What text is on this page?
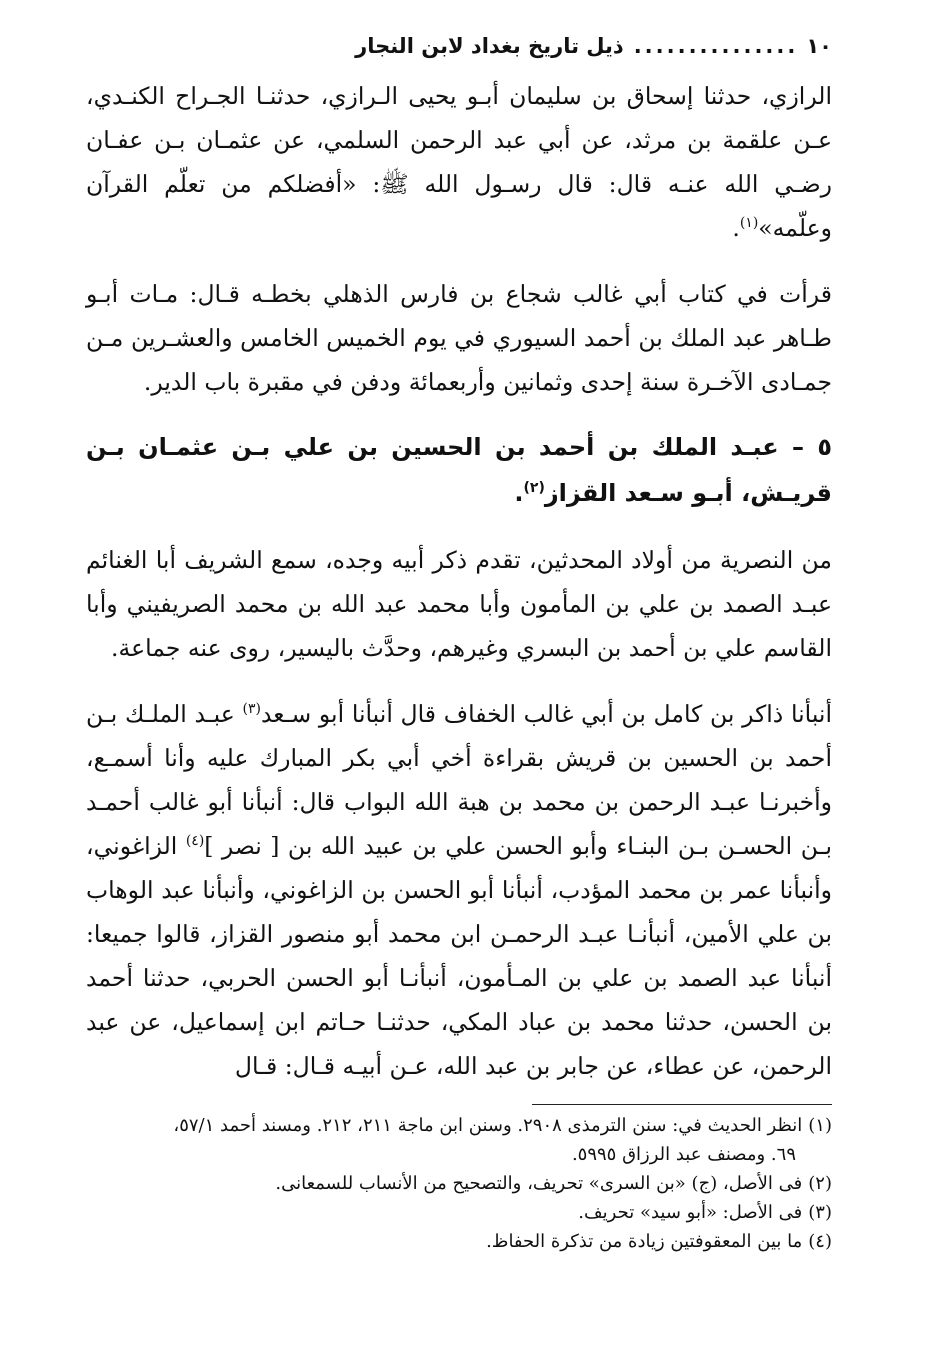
١٠
...............
ذيل تاريخ بغداد لابن النجار

الرازي، حدثنا إسحاق بن سليمان أبـو يحيى الـرازي، حدثنـا الجـراح الكنـدي، عـن علقمة بن مرثد، عن أبي عبد الرحمن السلمي، عن عثمـان بـن عفـان رضـي الله عنـه قال: قال رسـول الله ﷺ: «أفضلكم من تعلّم القرآن وعلّمه»$^{(١)}$.

قرأت في كتاب أبي غالب شجاع بن فارس الذهلي بخطـه قـال: مـات أبـو طـاهر عبد الملك بن أحمد السيوري في يوم الخميس الخامس والعشـرين مـن جمـادى الآخـرة سنة إحدى وثمانين وأربعمائة ودفن في مقبرة باب الدير.

٥ – عبـد الملك بن أحمد بن الحسين بن علي بـن عثمـان بـن قريـش، أبـو سـعد القزاز$^{(٢)}$.

من النصرية من أولاد المحدثين، تقدم ذكر أبيه وجده، سمع الشريف أبا الغنائم عبـد الصمد بن علي بن المأمون وأبا محمد عبد الله بن محمد الصريفيني وأبا القاسم علي بن أحمد بن البسري وغيرهم، وحدَّث باليسير، روى عنه جماعة.

أنبأنا ذاكر بن كامل بن أبي غالب الخفاف قال أنبأنا أبو سـعد$^{(٣)}$ عبـد الملـك بـن أحمد بن الحسين بن قريش بقراءة أخي أبي بكر المبارك عليه وأنا أسمـع، وأخبرنـا عبـد الرحمن بن محمد بن هبة الله البواب قال: أنبأنا أبو غالب أحمـد بـن الحسـن بـن البنـاء وأبو الحسن علي بن عبيد الله بن [ نصر ]$^{(٤)}$ الزاغوني، وأنبأنا عمر بن محمد المؤدب، أنبأنا أبو الحسن بن الزاغوني، وأنبأنا عبد الوهاب بن علي الأمين، أنبأنـا عبـد الرحمـن ابن محمد أبو منصور القزاز، قالوا جميعا: أنبأنا عبد الصمد بن علي بن المـأمون، أنبأنـا أبو الحسن الحربي، حدثنا أحمد بن الحسن، حدثنا محمد بن عباد المكي، حدثنـا حـاتم ابن إسماعيل، عن عبد الرحمن، عن عطاء، عن جابر بن عبد الله، عـن أبيـه قـال: قـال

(١)انظر الحديث في: سنن الترمذى ٢٩٠٨. وسنن ابن ماجة ٢١١، ٢١٢. ومسند أحمد ٥٧/١،
٦٩. ومصنف عبد الرزاق ٥٩٩٥.
(٢)فى الأصل، (ج) «بن السرى» تحريف، والتصحيح من الأنساب للسمعانى.
(٣)فى الأصل: «أبو سيد» تحريف.
(٤)ما بين المعقوفتين زيادة من تذكرة الحفاظ.
